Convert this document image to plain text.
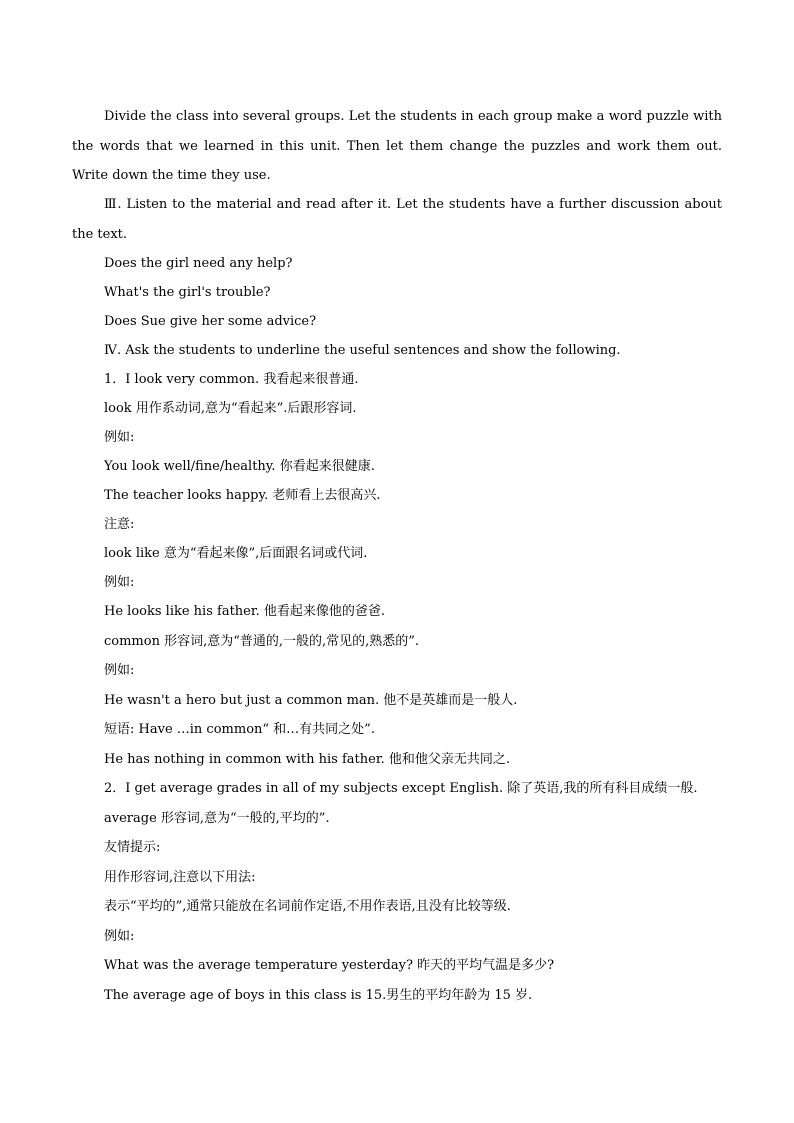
Divide the class into several groups. Let the students in each group make a word puzzle with the words that we learned in this unit. Then let them change the puzzles and work them out. Write down the time they use.

Ⅲ. Listen to the material and read after it. Let the students have a further discussion about the text.

Does the girl need any help?
What's the girl's trouble?
Does Sue give her some advice?
Ⅳ. Ask the students to underline the useful sentences and show the following.
1．I look very common. 我看起来很普通.
look 用作系动词,意为“看起来”.后跟形容词.
例如:
You look well/fine/healthy. 你看起来很健康.
The teacher looks happy. 老师看上去很高兴.
注意:
look like 意为“看起来像”,后面跟名词或代词.
例如:
He looks like his father. 他看起来像他的爸爸.
common 形容词,意为“普通的,一般的,常见的,熟悉的”.
例如:
He wasn't a hero but just a common man. 他不是英雄而是一般人.
短语: Have …in common“ 和…有共同之处”.
He has nothing in common with his father. 他和他父亲无共同之.
2．I get average grades in all of my subjects except English. 除了英语,我的所有科目成绩一般.
average 形容词,意为“一般的,平均的”.
友情提示:
用作形容词,注意以下用法:
表示“平均的”,通常只能放在名词前作定语,不用作表语,且没有比较等级.
例如:
What was the average temperature yesterday? 昨天的平均气温是多少?
The average age of boys in this class is 15.男生的平均年龄为 15 岁.
